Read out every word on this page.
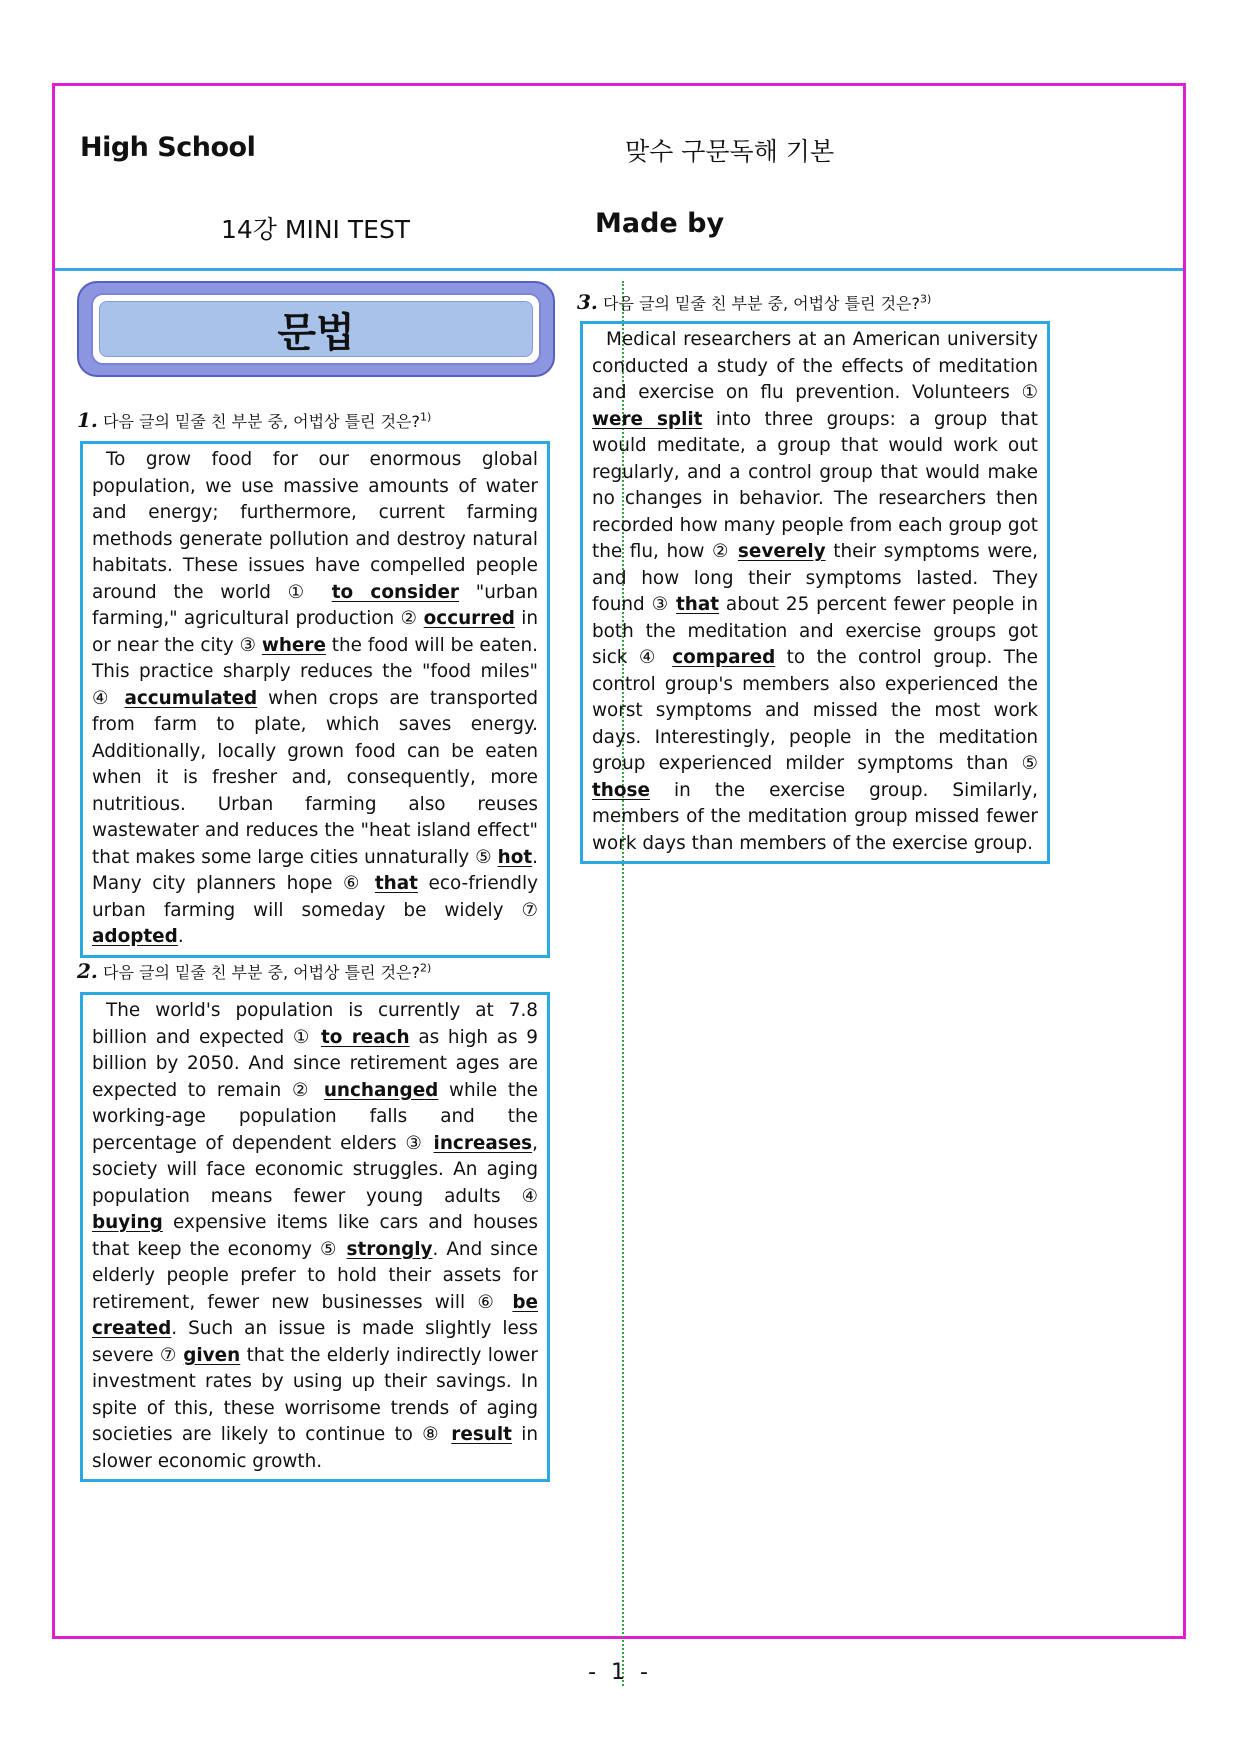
High School	맞수 구문독해 기본
14강 MINI TEST	Made by
문법
1. 다음 글의 밑줄 친 부분 중, 어법상 틀린 것은?$^{1)}$

To grow food for our enormous global population, we use massive amounts of water and energy; furthermore, current farming methods generate pollution and destroy natural habitats. These issues have compelled people around the world ① to consider "urban farming," agricultural production ② occurred in or near the city ③ where the food will be eaten. This practice sharply reduces the "food miles" ④ accumulated when crops are transported from farm to plate, which saves energy. Additionally, locally grown food can be eaten when it is fresher and, consequently, more nutritious. Urban farming also reuses wastewater and reduces the "heat island effect" that makes some large cities unnaturally ⑤ hot. Many city planners hope ⑥ that eco-friendly urban farming will someday be widely ⑦ adopted.

2. 다음 글의 밑줄 친 부분 중, 어법상 틀린 것은?$^{2)}$

The world's population is currently at 7.8 billion and expected ① to reach as high as 9 billion by 2050. And since retirement ages are expected to remain ② unchanged while the working-age population falls and the percentage of dependent elders ③ increases, society will face economic struggles. An aging population means fewer young adults ④ buying expensive items like cars and houses that keep the economy ⑤ strongly. And since elderly people prefer to hold their assets for retirement, fewer new businesses will ⑥ be created. Such an issue is made slightly less severe ⑦ given that the elderly indirectly lower investment rates by using up their savings. In spite of this, these worrisome trends of aging societies are likely to continue to ⑧ result in slower economic growth.

3. 다음 글의 밑줄 친 부분 중, 어법상 틀린 것은?$^{3)}$

Medical researchers at an American university conducted a study of the effects of meditation and exercise on flu prevention. Volunteers ① were split into three groups: a group that would meditate, a group that would work out regularly, and a control group that would make no changes in behavior. The researchers then recorded how many people from each group got the flu, how ② severely their symptoms were, and how long their symptoms lasted. They found ③ that about 25 percent fewer people in both the meditation and exercise groups got sick ④ compared to the control group. The control group's members also experienced the worst symptoms and missed the most work days. Interestingly, people in the meditation group experienced milder symptoms than ⑤ those in the exercise group. Similarly, members of the meditation group missed fewer work days than members of the exercise group.

- 1 -
